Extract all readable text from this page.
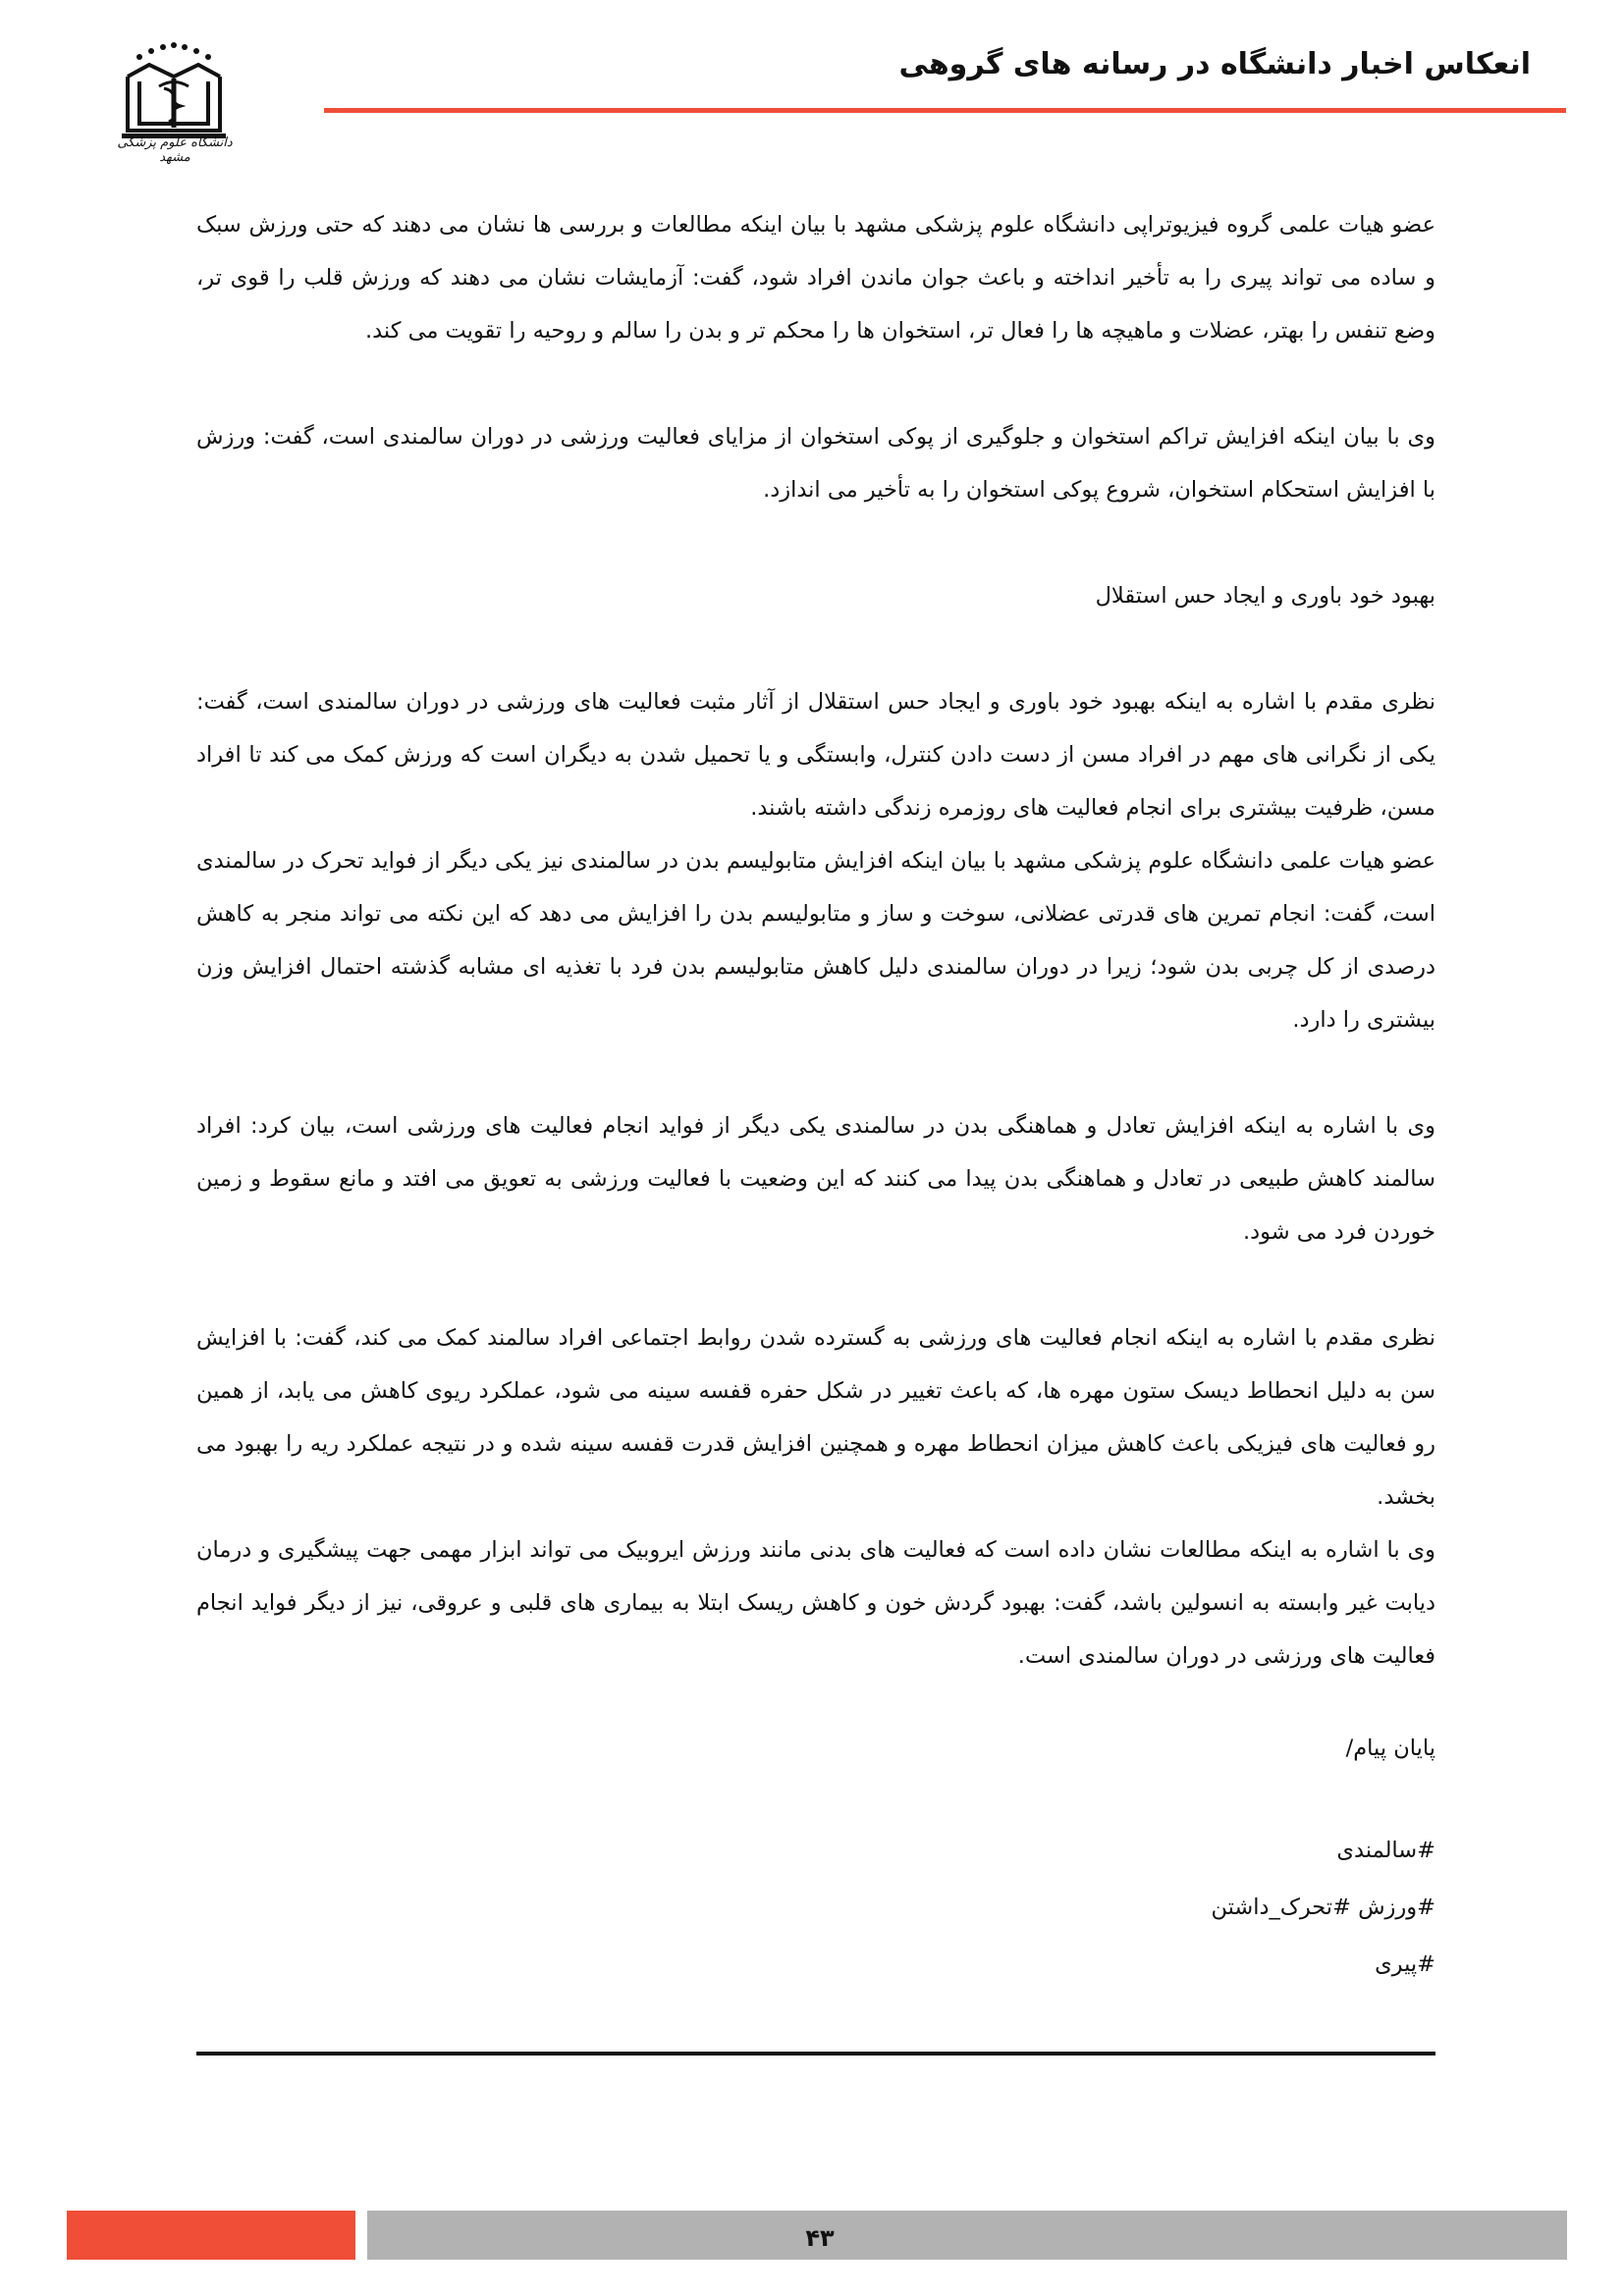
انعکاس اخبار دانشگاه در رسانه های گروهی
دانشگاه علوم پزشکی مشهد

عضو هیات علمی گروه فیزیوتراپی دانشگاه علوم پزشکی مشهد با بیان اینکه مطالعات و بررسی ها نشان می دهند که حتی ورزش سبک و ساده می تواند پیری را به تأخیر انداخته و باعث جوان ماندن افراد شود، گفت: آزمایشات نشان می دهند که ورزش قلب را قوی تر، وضع تنفس را بهتر، عضلات و ماهیچه ها را فعال تر، استخوان ها را محکم تر و بدن را سالم و روحیه را تقویت می کند.

وی با بیان اینکه افزایش تراکم استخوان و جلوگیری از پوکی استخوان از مزایای فعالیت ورزشی در دوران سالمندی است، گفت: ورزش با افزایش استحکام استخوان، شروع پوکی استخوان را به تأخیر می اندازد.

بهبود خود باوری و ایجاد حس استقلال

نظری مقدم با اشاره به اینکه بهبود خود باوری و ایجاد حس استقلال از آثار مثبت فعالیت های ورزشی در دوران سالمندی است، گفت: یکی از نگرانی های مهم در افراد مسن از دست دادن کنترل، وابستگی و یا تحمیل شدن به دیگران است که ورزش کمک می کند تا افراد مسن، ظرفیت بیشتری برای انجام فعالیت های روزمره زندگی داشته باشند.

عضو هیات علمی دانشگاه علوم پزشکی مشهد با بیان اینکه افزایش متابولیسم بدن در سالمندی نیز یکی دیگر از فواید تحرک در سالمندی است، گفت: انجام تمرین های قدرتی عضلانی، سوخت و ساز و متابولیسم بدن را افزایش می دهد که این نکته می تواند منجر به کاهش درصدی از کل چربی بدن شود؛ زیرا در دوران سالمندی دلیل کاهش متابولیسم بدن فرد با تغذیه ای مشابه گذشته احتمال افزایش وزن بیشتری را دارد.

وی با اشاره به اینکه افزایش تعادل و هماهنگی بدن در سالمندی یکی دیگر از فواید انجام فعالیت های ورزشی است، بیان کرد: افراد سالمند کاهش طبیعی در تعادل و هماهنگی بدن پیدا می کنند که این وضعیت با فعالیت ورزشی به تعویق می افتد و مانع سقوط و زمین خوردن فرد می شود.

نظری مقدم با اشاره به اینکه انجام فعالیت های ورزشی به گسترده شدن روابط اجتماعی افراد سالمند کمک می کند، گفت: با افزایش سن به دلیل انحطاط دیسک ستون مهره ها، که باعث تغییر در شکل حفره قفسه سینه می شود، عملکرد ریوی کاهش می یابد، از همین رو فعالیت های فیزیکی باعث کاهش میزان انحطاط مهره و همچنین افزایش قدرت قفسه سینه شده و در نتیجه عملکرد ریه را بهبود می بخشد.

وی با اشاره به اینکه مطالعات نشان داده است که فعالیت های بدنی مانند ورزش ایروبیک می تواند ابزار مهمی جهت پیشگیری و درمان دیابت غیر وابسته به انسولین باشد، گفت: بهبود گردش خون و کاهش ریسک ابتلا به بیماری های قلبی و عروقی، نیز از دیگر فواید انجام فعالیت های ورزشی در دوران سالمندی است.

پایان پیام/

#سالمندی

#ورزش #تحرک_داشتن

#پیری

۴۳
